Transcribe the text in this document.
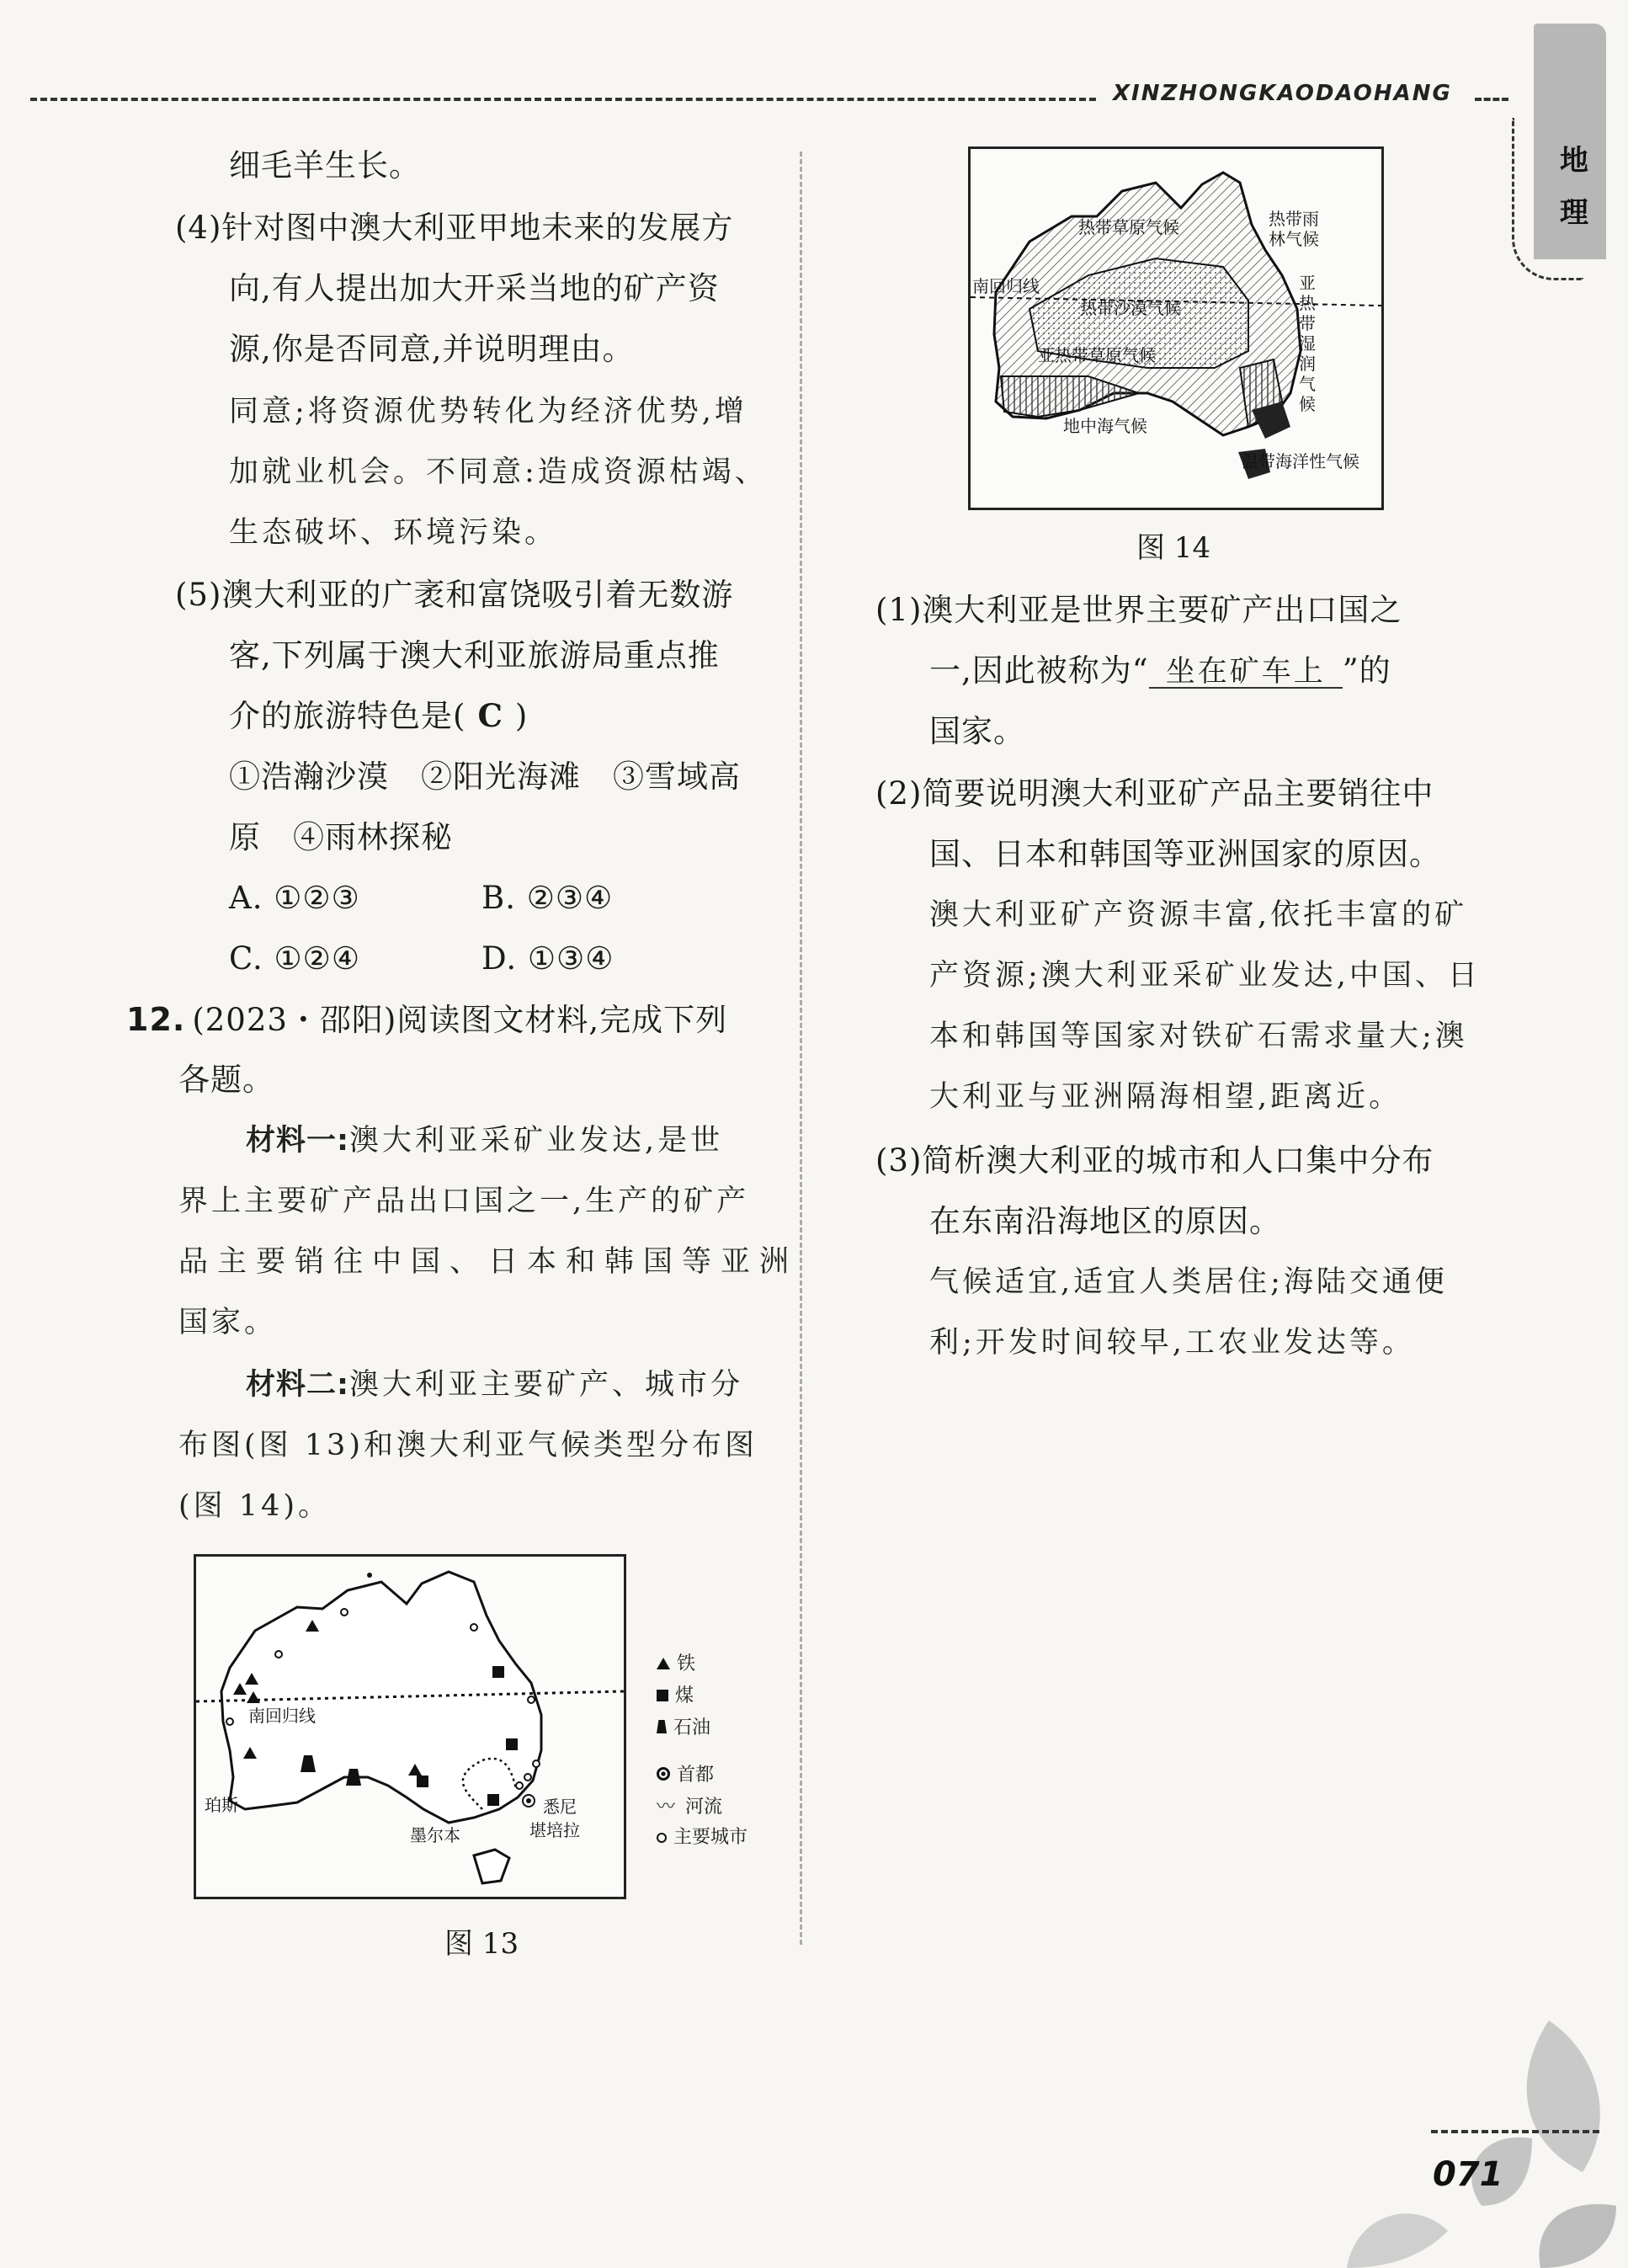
XINZHONGKAODAOHANG
地理
细毛羊生长。
(4)针对图中澳大利亚甲地未来的发展方
向,有人提出加大开采当地的矿产资
源,你是否同意,并说明理由。
同意;将资源优势转化为经济优势,增
加就业机会。不同意:造成资源枯竭、
生态破坏、环境污染。
(5)澳大利亚的广袤和富饶吸引着无数游
客,下列属于澳大利亚旅游局重点推
介的旅游特色是( C )
①浩瀚沙漠　②阳光海滩　③雪域高
原　④雨林探秘
A. ①②③	B. ②③④
C. ①②④	D. ①③④
12. (2023・邵阳)阅读图文材料,完成下列
各题。
材料一:澳大利亚采矿业发达,是世
界上主要矿产品出口国之一,生产的矿产
品主要销往中国、日本和韩国等亚洲
国家。
材料二:澳大利亚主要矿产、城市分
布图(图 13)和澳大利亚气候类型分布图
(图 14)。
南回归线
珀斯	悉尼
墨尔本	堪培拉
铁
煤
石油
首都
〰 河流
主要城市
图 13
热带草原气候	热带雨
林气候
南回归线
热带沙漠气候
亚热带草原气候
亚
热
带
湿
润
气
候
地中海气候
温带海洋性气候
图 14
(1)澳大利亚是世界主要矿产出口国之
一,因此被称为“ 坐在矿车上 ”的
国家。
(2)简要说明澳大利亚矿产品主要销往中
国、日本和韩国等亚洲国家的原因。
澳大利亚矿产资源丰富,依托丰富的矿
产资源;澳大利亚采矿业发达,中国、日
本和韩国等国家对铁矿石需求量大;澳
大利亚与亚洲隔海相望,距离近。
(3)简析澳大利亚的城市和人口集中分布
在东南沿海地区的原因。
气候适宜,适宜人类居住;海陆交通便
利;开发时间较早,工农业发达等。
071
